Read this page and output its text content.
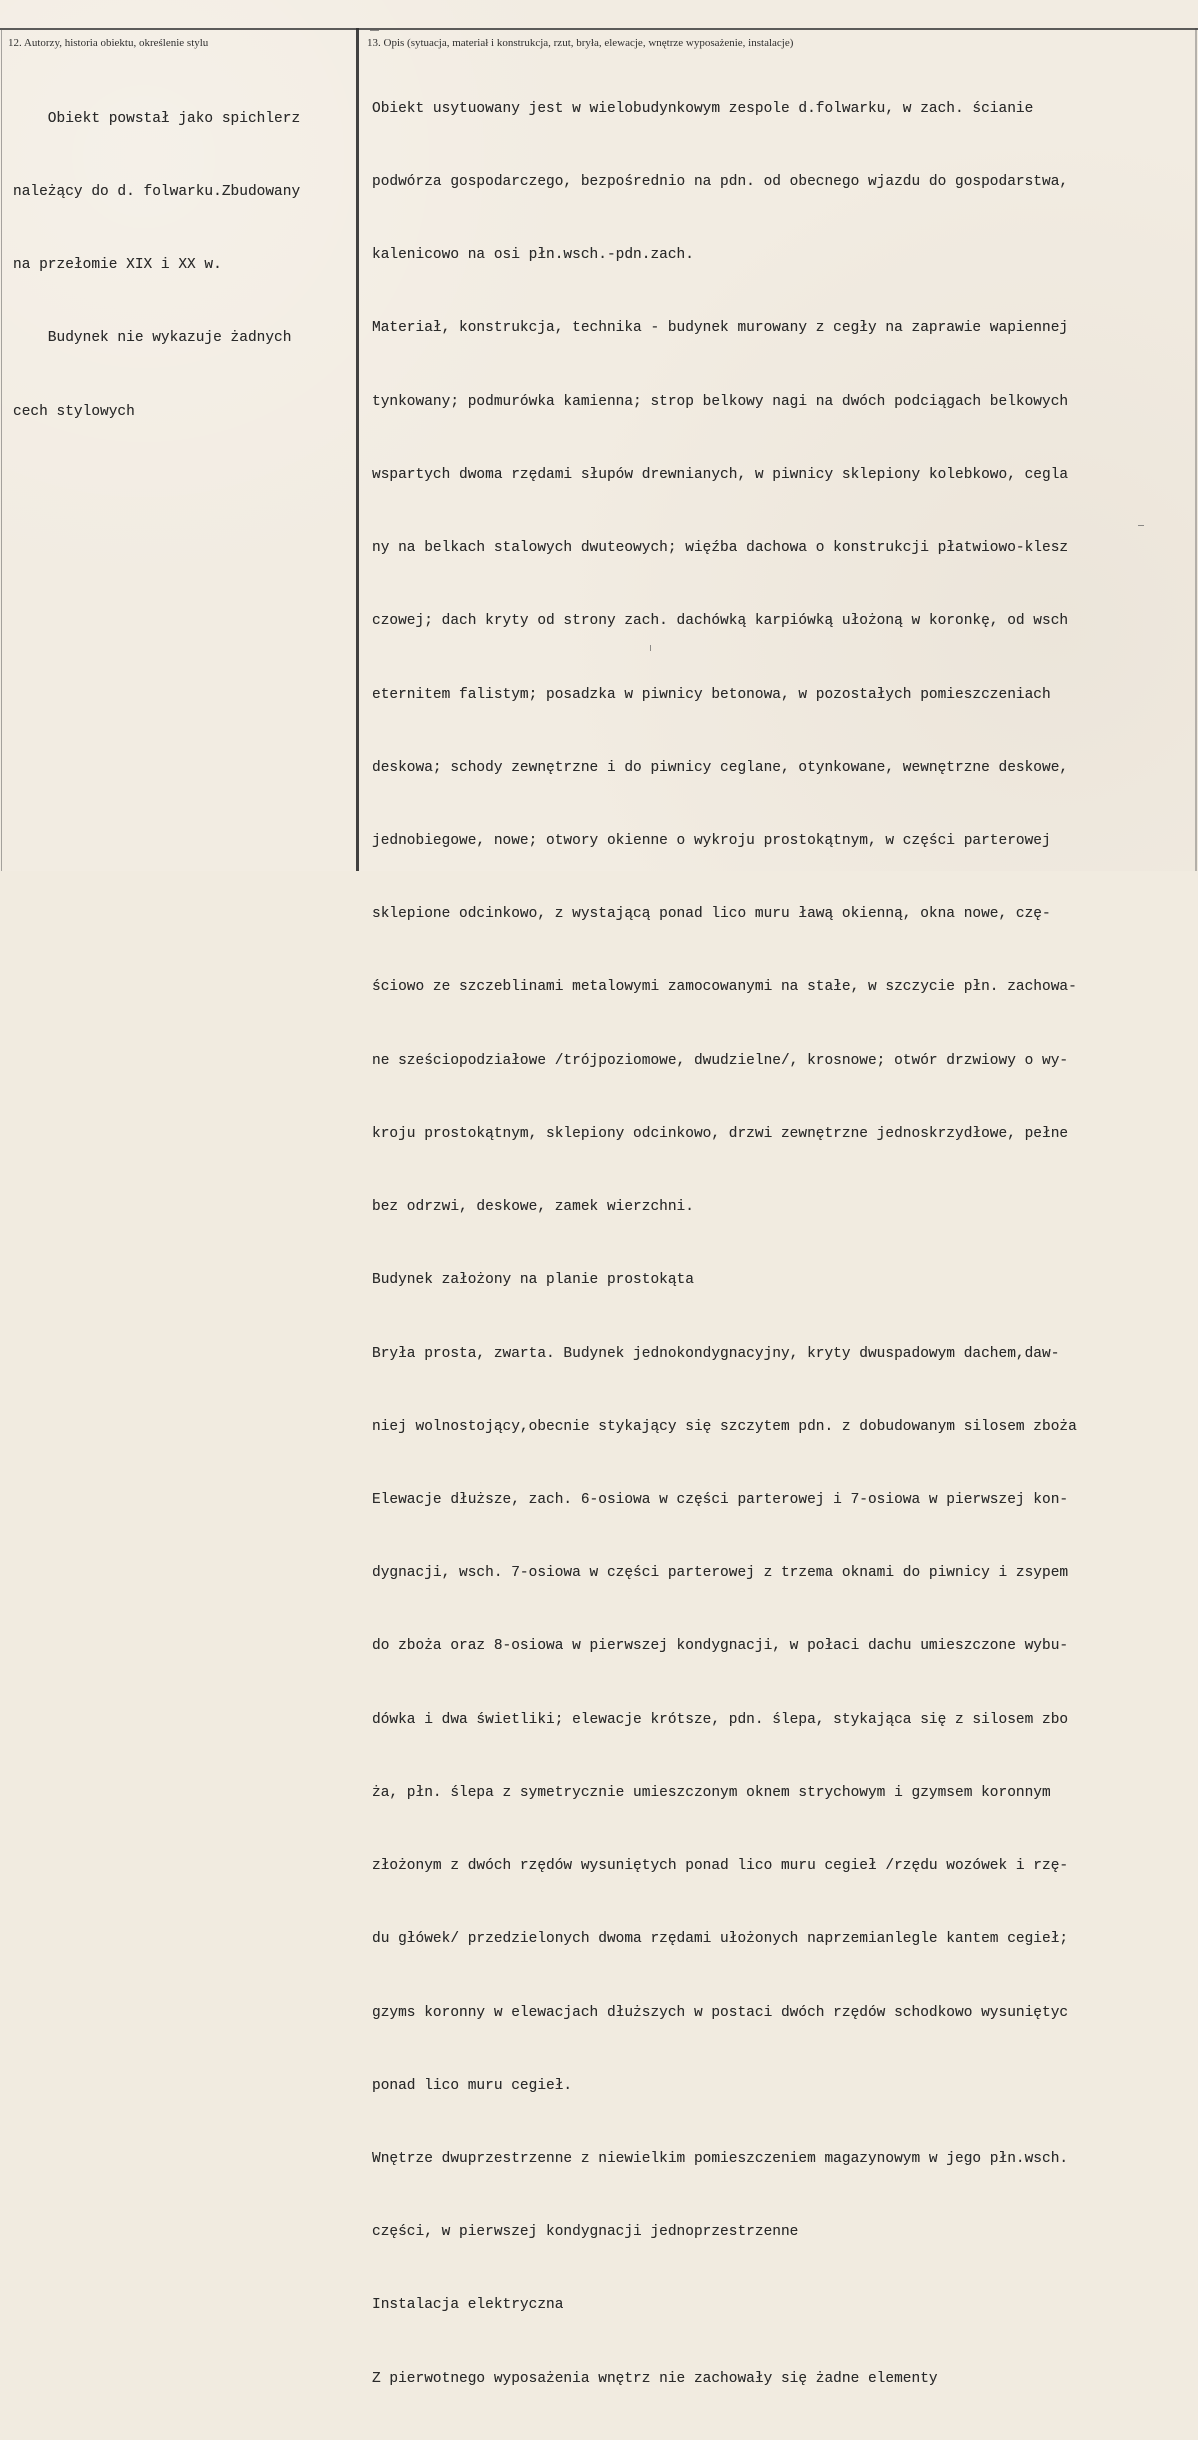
12. Autorzy, historia obiektu, określenie stylu	13. Opis (sytuacja, materiał i konstrukcja, rzut, bryła, elewacje, wnętrze wyposażenie, instalacje)

Obiekt powstał jako spichlerz

należący do d. folwarku.Zbudowany

na przełomie XIX i XX w.

Budynek nie wykazuje żadnych

cech stylowych

Obiekt usytuowany jest w wielobudynkowym zespole d.folwarku, w zach. ścianie

podwórza gospodarczego, bezpośrednio na pdn. od obecnego wjazdu do gospodarstwa,

kalenicowo na osi płn.wsch.-pdn.zach.

Materiał, konstrukcja, technika - budynek murowany z cegły na zaprawie wapiennej

tynkowany; podmurówka kamienna; strop belkowy nagi na dwóch podciągach belkowych

wspartych dwoma rzędami słupów drewnianych, w piwnicy sklepiony kolebkowo, cegla

ny na belkach stalowych dwuteowych; więźba dachowa o konstrukcji płatwiowo-klesz

czowej; dach kryty od strony zach. dachówką karpiówką ułożoną w koronkę, od wsch

eternitem falistym; posadzka w piwnicy betonowa, w pozostałych pomieszczeniach

deskowa; schody zewnętrzne i do piwnicy ceglane, otynkowane, wewnętrzne deskowe,

jednobiegowe, nowe; otwory okienne o wykroju prostokątnym, w części parterowej

sklepione odcinkowo, z wystającą ponad lico muru ławą okienną, okna nowe, czę-

ściowo ze szczeblinami metalowymi zamocowanymi na stałe, w szczycie płn. zachowa-

ne sześciopodziałowe /trójpoziomowe, dwudzielne/, krosnowe; otwór drzwiowy o wy-

kroju prostokątnym, sklepiony odcinkowo, drzwi zewnętrzne jednoskrzydłowe, pełne

bez odrzwi, deskowe, zamek wierzchni.

Budynek założony na planie prostokąta

Bryła prosta, zwarta. Budynek jednokondygnacyjny, kryty dwuspadowym dachem,daw-

niej wolnostojący,obecnie stykający się szczytem pdn. z dobudowanym silosem zboża

Elewacje dłuższe, zach. 6-osiowa w części parterowej i 7-osiowa w pierwszej kon-

dygnacji, wsch. 7-osiowa w części parterowej z trzema oknami do piwnicy i zsypem

do zboża oraz 8-osiowa w pierwszej kondygnacji, w połaci dachu umieszczone wybu-

dówka i dwa świetliki; elewacje krótsze, pdn. ślepa, stykająca się z silosem zbo

ża, płn. ślepa z symetrycznie umieszczonym oknem strychowym i gzymsem koronnym

złożonym z dwóch rzędów wysuniętych ponad lico muru cegieł /rzędu wozówek i rzę-

du główek/ przedzielonych dwoma rzędami ułożonych naprzemianlegle kantem cegieł;

gzyms koronny w elewacjach dłuższych w postaci dwóch rzędów schodkowo wysuniętyc

ponad lico muru cegieł.

Wnętrze dwuprzestrzenne z niewielkim pomieszczeniem magazynowym w jego płn.wsch.

części, w pierwszej kondygnacji jednoprzestrzenne

Instalacja elektryczna

Z pierwotnego wyposażenia wnętrz nie zachowały się żadne elementy
